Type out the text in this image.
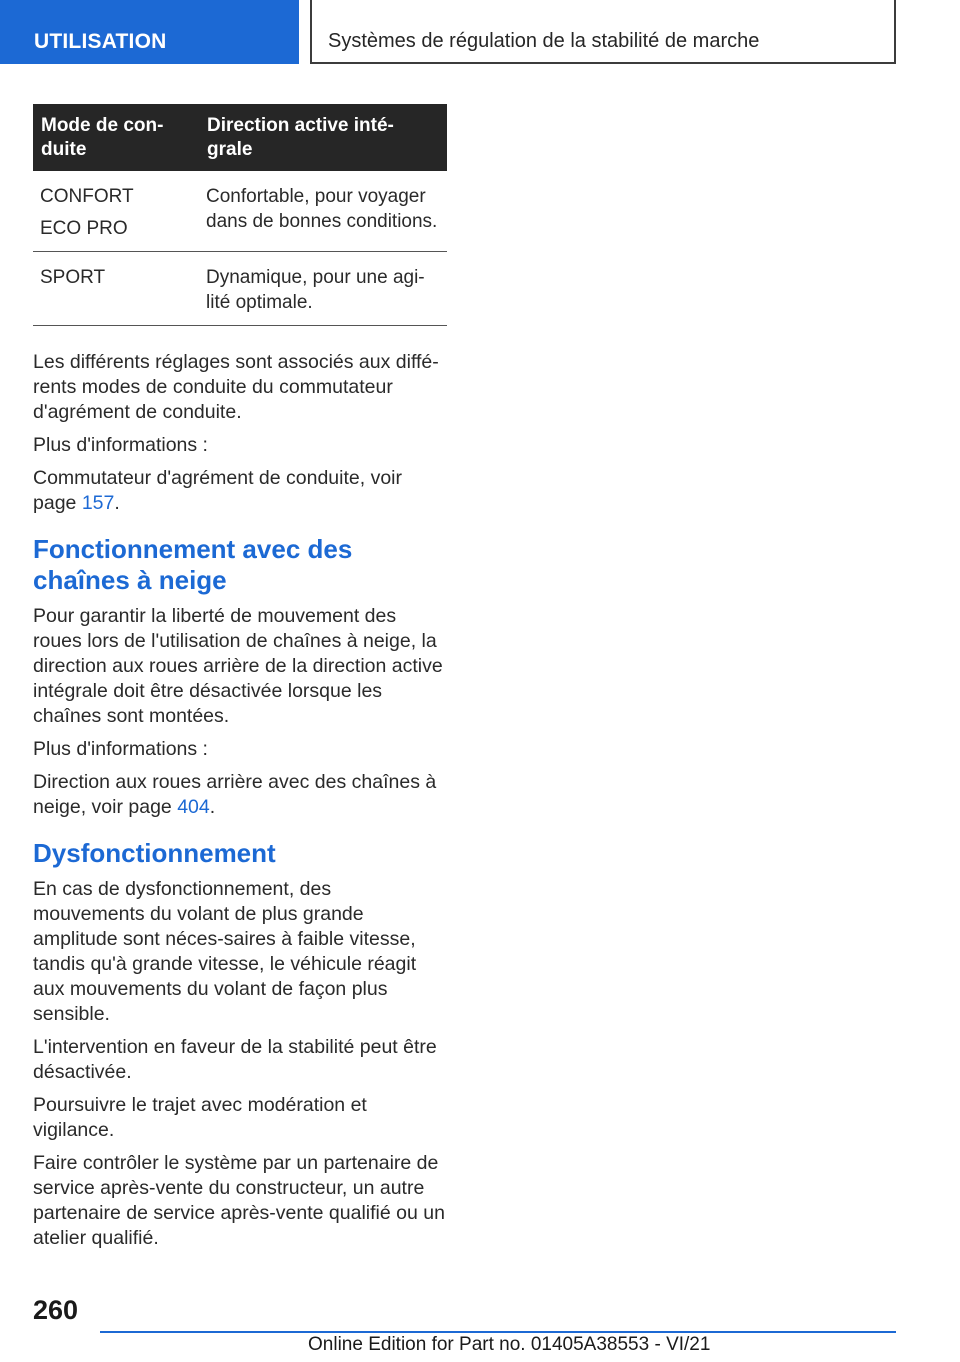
UTILISATION	Systèmes de régulation de la stabilité de marche
Mode de con-duite	Direction active inté-grale

CONFORT
ECO PRO	Confortable, pour voyager dans de bonnes conditions.

SPORT	Dynamique, pour une agi-lité optimale.

Les différents réglages sont associés aux diffé-rents modes de conduite du commutateur d'agrément de conduite.

Plus d'informations :

Commutateur d'agrément de conduite, voir page 157.

Fonctionnement avec des chaînes à neige

Pour garantir la liberté de mouvement des roues lors de l'utilisation de chaînes à neige, la direction aux roues arrière de la direction active intégrale doit être désactivée lorsque les chaînes sont montées.

Plus d'informations :

Direction aux roues arrière avec des chaînes à neige, voir page 404.

Dysfonctionnement

En cas de dysfonctionnement, des mouvements du volant de plus grande amplitude sont néces-saires à faible vitesse, tandis qu'à grande vitesse, le véhicule réagit aux mouvements du volant de façon plus sensible.

L'intervention en faveur de la stabilité peut être désactivée.

Poursuivre le trajet avec modération et vigilance.

Faire contrôler le système par un partenaire de service après-vente du constructeur, un autre partenaire de service après-vente qualifié ou un atelier qualifié.

260
Online Edition for Part no. 01405A38553 - VI/21
